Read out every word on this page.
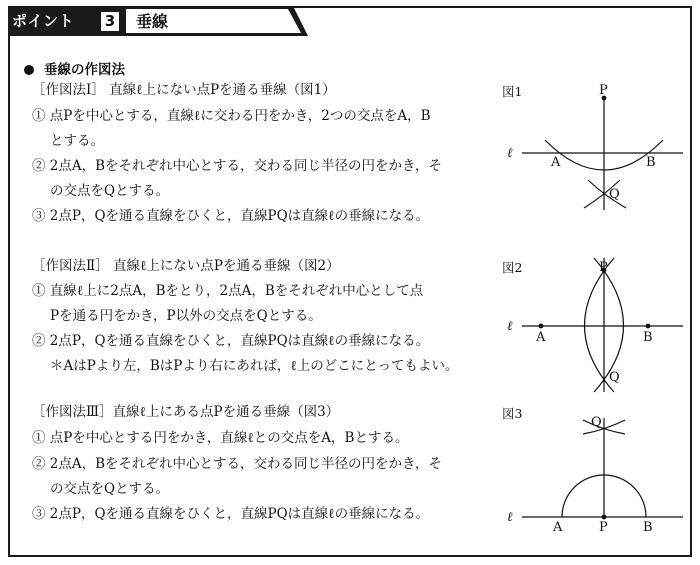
ポイント 3 垂線
垂線の作図法
［作図法Ⅰ］ 直線ℓ上にない点Pを通る垂線（図1）
① 点Pを中心とする，直線ℓに交わる円をかき，2つの交点をA，B
とする。
② 2点A，Bをそれぞれ中心とする，交わる同じ半径の円をかき，そ
の交点をQとする。
③ 2点P，Qを通る直線をひくと，直線PQは直線ℓの垂線になる。
［作図法Ⅱ］ 直線ℓ上にない点Pを通る垂線（図2）
① 直線ℓ上に2点A，Bをとり，2点A，Bをそれぞれ中心として点
Pを通る円をかき，P以外の交点をQとする。
② 2点P，Qを通る直線をひくと，直線PQは直線ℓの垂線になる。
＊AはPより左，BはPより右にあれば，ℓ上のどこにとってもよい。
［作図法Ⅲ］直線ℓ上にある点Pを通る垂線（図3）
① 点Pを中心とする円をかき，直線ℓとの交点をA，Bとする。
② 2点A，Bをそれぞれ中心とする，交わる同じ半径の円をかき，そ
の交点をQとする。
③ 2点P，Qを通る直線をひくと，直線PQは直線ℓの垂線になる。
図1
図2
図3
P
A	B
Q
ℓ
P
A	B
Q
ℓ
Q
A	P	B
ℓ
